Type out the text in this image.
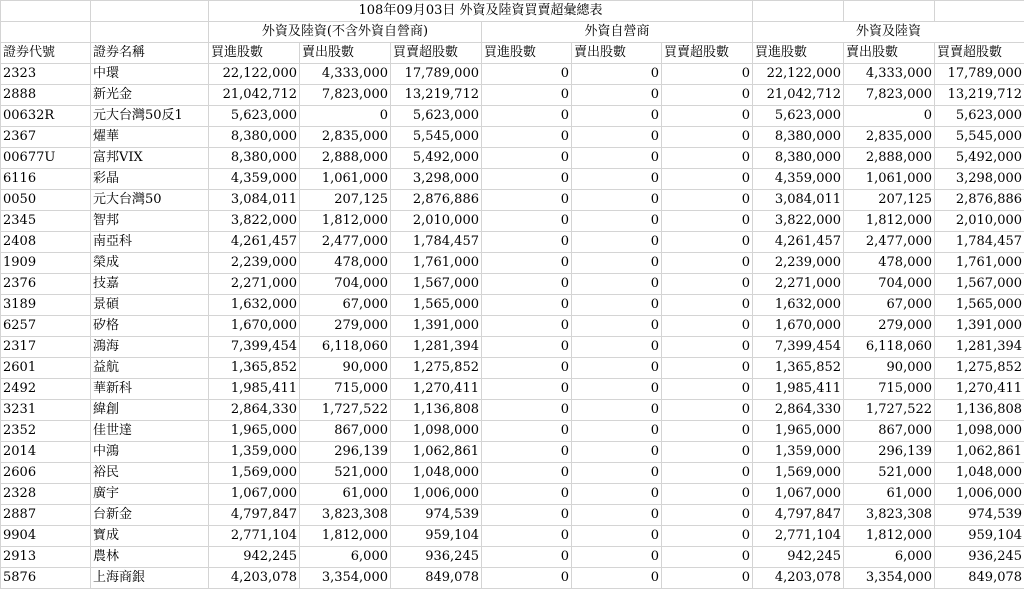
		108年09月03日 外資及陸資買賣超彙總表								
		外資及陸資(不含外資自營商)			外資自營商			外資及陸資		
證券代號	證券名稱	買進股數	賣出股數	買賣超股數	買進股數	賣出股數	買賣超股數	買進股數	賣出股數	買賣超股數
2323	中環	22,122,000	4,333,000	17,789,000	0	0	0	22,122,000	4,333,000	17,789,000
2888	新光金	21,042,712	7,823,000	13,219,712	0	0	0	21,042,712	7,823,000	13,219,712
00632R	元大台灣50反1	5,623,000	0	5,623,000	0	0	0	5,623,000	0	5,623,000
2367	燿華	8,380,000	2,835,000	5,545,000	0	0	0	8,380,000	2,835,000	5,545,000
00677U	富邦VIX	8,380,000	2,888,000	5,492,000	0	0	0	8,380,000	2,888,000	5,492,000
6116	彩晶	4,359,000	1,061,000	3,298,000	0	0	0	4,359,000	1,061,000	3,298,000
0050	元大台灣50	3,084,011	207,125	2,876,886	0	0	0	3,084,011	207,125	2,876,886
2345	智邦	3,822,000	1,812,000	2,010,000	0	0	0	3,822,000	1,812,000	2,010,000
2408	南亞科	4,261,457	2,477,000	1,784,457	0	0	0	4,261,457	2,477,000	1,784,457
1909	榮成	2,239,000	478,000	1,761,000	0	0	0	2,239,000	478,000	1,761,000
2376	技嘉	2,271,000	704,000	1,567,000	0	0	0	2,271,000	704,000	1,567,000
3189	景碩	1,632,000	67,000	1,565,000	0	0	0	1,632,000	67,000	1,565,000
6257	矽格	1,670,000	279,000	1,391,000	0	0	0	1,670,000	279,000	1,391,000
2317	鴻海	7,399,454	6,118,060	1,281,394	0	0	0	7,399,454	6,118,060	1,281,394
2601	益航	1,365,852	90,000	1,275,852	0	0	0	1,365,852	90,000	1,275,852
2492	華新科	1,985,411	715,000	1,270,411	0	0	0	1,985,411	715,000	1,270,411
3231	緯創	2,864,330	1,727,522	1,136,808	0	0	0	2,864,330	1,727,522	1,136,808
2352	佳世達	1,965,000	867,000	1,098,000	0	0	0	1,965,000	867,000	1,098,000
2014	中鴻	1,359,000	296,139	1,062,861	0	0	0	1,359,000	296,139	1,062,861
2606	裕民	1,569,000	521,000	1,048,000	0	0	0	1,569,000	521,000	1,048,000
2328	廣宇	1,067,000	61,000	1,006,000	0	0	0	1,067,000	61,000	1,006,000
2887	台新金	4,797,847	3,823,308	974,539	0	0	0	4,797,847	3,823,308	974,539
9904	寶成	2,771,104	1,812,000	959,104	0	0	0	2,771,104	1,812,000	959,104
2913	農林	942,245	6,000	936,245	0	0	0	942,245	6,000	936,245
5876	上海商銀	4,203,078	3,354,000	849,078	0	0	0	4,203,078	3,354,000	849,078
